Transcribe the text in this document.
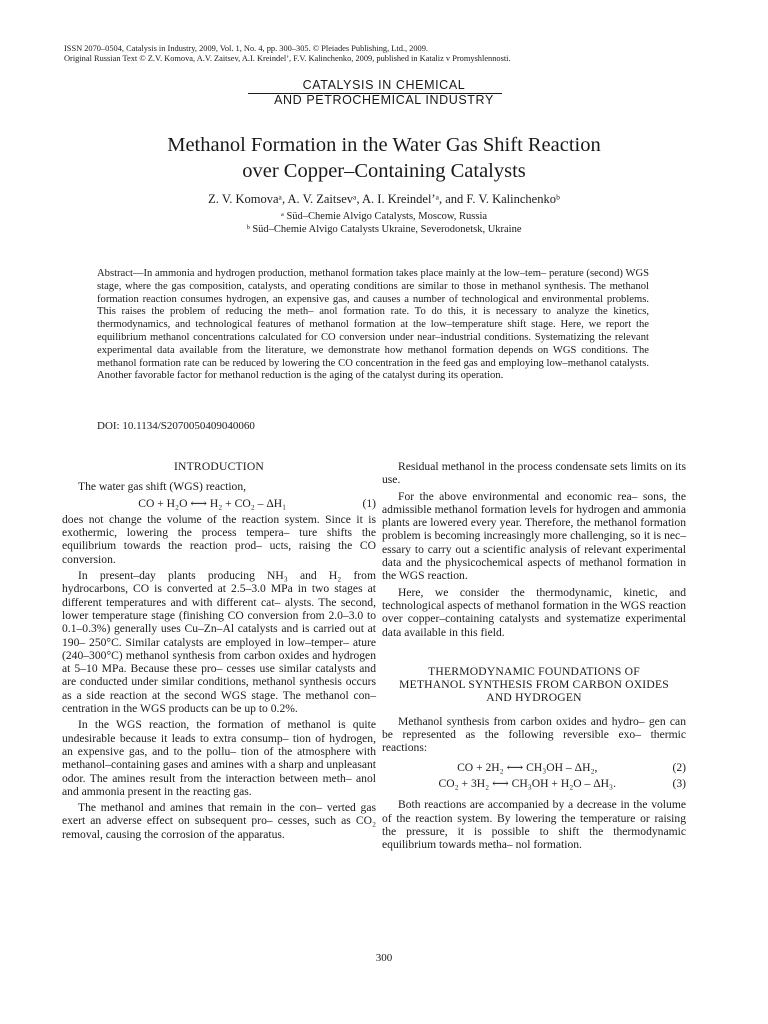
ISSN 2070–0504, Catalysis in Industry, 2009, Vol. 1, No. 4, pp. 300–305. © Pleiades Publishing, Ltd., 2009.
Original Russian Text © Z.V. Komova, A.V. Zaitsev, A.I. Kreindel’, F.V. Kalinchenko, 2009, published in Kataliz v Promyshlennosti.
CATALYSIS IN CHEMICAL
AND PETROCHEMICAL INDUSTRY
Methanol Formation in the Water Gas Shift Reaction
over Copper–Containing Catalysts
Z. V. Komovaᵃ, A. V. Zaitsevᵃ, A. I. Kreindel’ᵃ, and F. V. Kalinchenkoᵇ
ᵃ Süd–Chemie Alvigo Catalysts, Moscow, Russia
ᵇ Süd–Chemie Alvigo Catalysts Ukraine, Severodonetsk, Ukraine
Abstract—In ammonia and hydrogen production, methanol formation takes place mainly at the low–tem– perature (second) WGS stage, where the gas composition, catalysts, and operating conditions are similar to those in methanol synthesis. The methanol formation reaction consumes hydrogen, an expensive gas, and causes a number of technological and environmental problems. This raises the problem of reducing the meth– anol formation rate. To do this, it is necessary to analyze the kinetics, thermodynamics, and technological features of methanol formation at the low–temperature shift stage. Here, we report the equilibrium methanol concentrations calculated for CO conversion under near–industrial conditions. Systematizing the relevant experimental data available from the literature, we demonstrate how methanol formation depends on WGS conditions. The methanol formation rate can be reduced by lowering the CO concentration in the feed gas and employing low–methanol catalysts. Another favorable factor for methanol reduction is the aging of the catalyst during its operation.
DOI: 10.1134/S2070050409040060

INTRODUCTION

The water gas shift (WGS) reaction,

CO + H₂O ⟷ H₂ + CO₂ – ΔH₁	(1)

does not change the volume of the reaction system. Since it is exothermic, lowering the process tempera– ture shifts the equilibrium towards the reaction prod– ucts, raising the CO conversion.

In present–day plants producing NH₃ and H₂ from hydrocarbons, CO is converted at 2.5–3.0 MPa in two stages at different temperatures and with different cat– alysts. The second, lower temperature stage (finishing CO conversion from 2.0–3.0 to 0.1–0.3%) generally uses Cu–Zn–Al catalysts and is carried out at 190– 250°C. Similar catalysts are employed in low–temper– ature (240–300°C) methanol synthesis from carbon oxides and hydrogen at 5–10 MPa. Because these pro– cesses use similar catalysts and are conducted under similar conditions, methanol synthesis occurs as a side reaction at the second WGS stage. The methanol con– centration in the WGS products can be up to 0.2%.

In the WGS reaction, the formation of methanol is quite undesirable because it leads to extra consump– tion of hydrogen, an expensive gas, and to the pollu– tion of the atmosphere with methanol–containing gases and amines with a sharp and unpleasant odor. The amines result from the interaction between meth– anol and ammonia present in the reacting gas.

The methanol and amines that remain in the con– verted gas exert an adverse effect on subsequent pro– cesses, such as CO₂ removal, causing the corrosion of the apparatus.

Residual methanol in the process condensate sets limits on its use.

For the above environmental and economic rea– sons, the admissible methanol formation levels for hydrogen and ammonia plants are lowered every year. Therefore, the methanol formation problem is becoming increasingly more challenging, so it is nec– essary to carry out a scientific analysis of relevant experimental data and the physicochemical aspects of methanol formation in the WGS reaction.

Here, we consider the thermodynamic, kinetic, and technological aspects of methanol formation in the WGS reaction over copper–containing catalysts and systematize experimental data available in this field.

THERMODYNAMIC FOUNDATIONS OF METHANOL SYNTHESIS FROM CARBON OXIDES AND HYDROGEN

Methanol synthesis from carbon oxides and hydro– gen can be represented as the following reversible exo– thermic reactions:

CO + 2H₂ ⟷ CH₃OH – ΔH₂,	(2)
CO₂ + 3H₂ ⟷ CH₃OH + H₂O – ΔH₃.	(3)

Both reactions are accompanied by a decrease in the volume of the reaction system. By lowering the temperature or raising the pressure, it is possible to shift the thermodynamic equilibrium towards metha– nol formation.

300
